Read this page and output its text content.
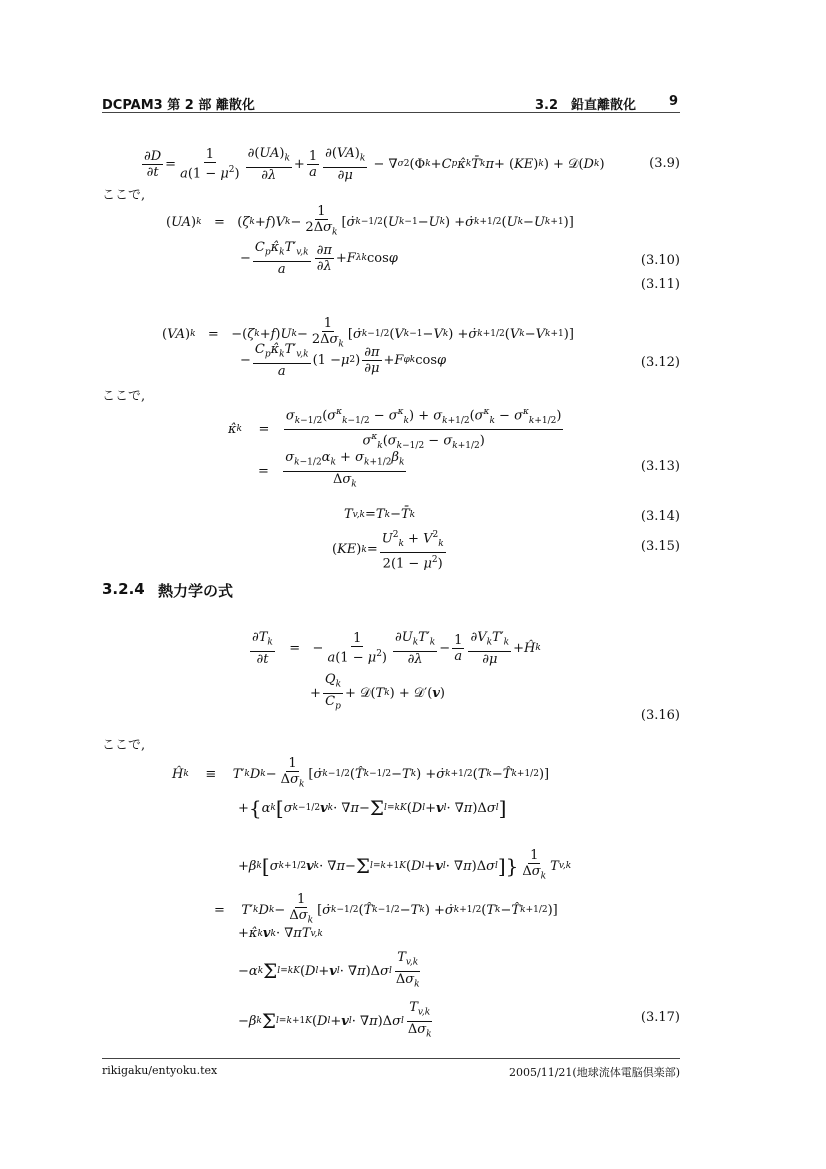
DCPAM3 第 2 部 離散化	3.2　鉛直離散化	9
$\frac{\partial D}{\partial t} = \frac{1}{a(1 - \mu^2)} \frac{\partial(UA)_k}{\partial\lambda} + \frac{1}{a} \frac{\partial(VA)_k}{\partial\mu}$ − ∇ σ 2 (Φ k + C p κ̂ k T̄ k π + ( KE ) k ) + 𝒟( D k )	(3.9)
ここで,
( UA ) k =   ( ζ k + f ) V $k - \frac{1}{2\Delta\sigma_k}$ [ σ̇ k−1/2 ( U k−1 − U k ) + σ̇ k+1/2 ( U k − U k+1 )]
− $\frac{C_p\kappâ_kT'_{v,k}}{a} \frac{\partial\pi}{\partial\lambda} + F$ λk cos φ	(3.10)
(3.11)
( VA ) k =   −( ζ k + f ) U $k - \frac{1}{2\Delta\sigma_k}$ [ σ̇ k−1/2 ( V k−1 − V k ) + σ̇ k+1/2 ( V k − V k+1 )]
− $\frac{C_p\kappâ_kT'_{v,k}}{a} (1 - \mu$ 2 ) $\frac{\partial\pi}{\partial\mu} + F$ φk cos φ	(3.12)
ここで,
κ̂ $k = \frac{\sigma_{k-1/2}(\sigma^\kappa_{k-1/2} - \sigma^\kappa_k) + \sigma_{k+1/2}(\sigma^\kappa_k - \sigma^\kappa_{k+1/2})}{\sigma^\kappa_k(\sigma_{k-1/2} - \sigma_{k+1/2})}$
= $\frac{\sigma_{k-1/2}\alpha_k + \sigma_{k+1/2}\beta_k}{\Delta\sigma_k}$	(3.13)
T v,k = T k − T̄ k	(3.14)
( KE ) $k = \frac{U^2_k + V^2_k}{2(1 - \mu^2)}$	(3.15)
3.2.4 熱力学の式
$\frac{\partial T_k}{\partial t}$ =   − $\frac{1}{a(1 - \mu^2)} \frac{\partial U_kT'_k}{\partial\lambda} - \frac{1}{a} \frac{\partial V_kT'_k}{\partial\mu}$ + Ĥ k
+ $\frac{Q_k}{C_p}$ + 𝒟( T k ) + 𝒟′( v )
(3.16)
ここで,
Ĥ k ≡ T ′ k D $k - \frac{1}{\Delta\sigma_k}$ [ σ̇ k−1/2 ( T̂ k−1/2 − T k ) + σ̇ k+1/2 ( T k − T̂ k+1/2 )]
+ { α k [ σ k−1/2 v k · ∇ π − Σ l=k K ( D l + v l · ∇ π )Δ σ l ]
+ β k [ σ k+1/2 v k · ∇ π − Σ l=k+1 K ( D l + v l · ∇ π )Δ σ l ] } $\frac{1}{\Delta\sigma_k}$ T v,k
= T ′ k D $k - \frac{1}{\Delta\sigma_k}$ [ σ̇ k−1/2 ( T̂ k−1/2 − T k ) + σ̇ k+1/2 ( T k − T̂ k+1/2 )]
+ κ̂ k v k · ∇ πT v,k
− α k Σ l=k K ( D l + v l · ∇ π )Δ σ l $\frac{T_{v,k}}{\Delta\sigma_k}$
− β k Σ l=k+1 K ( D l + v l · ∇ π )Δ σ l $\frac{T_{v,k}}{\Delta\sigma_k}$	(3.17)
rikigaku/entyoku.tex	2005/11/21(地球流体電脳倶楽部)
